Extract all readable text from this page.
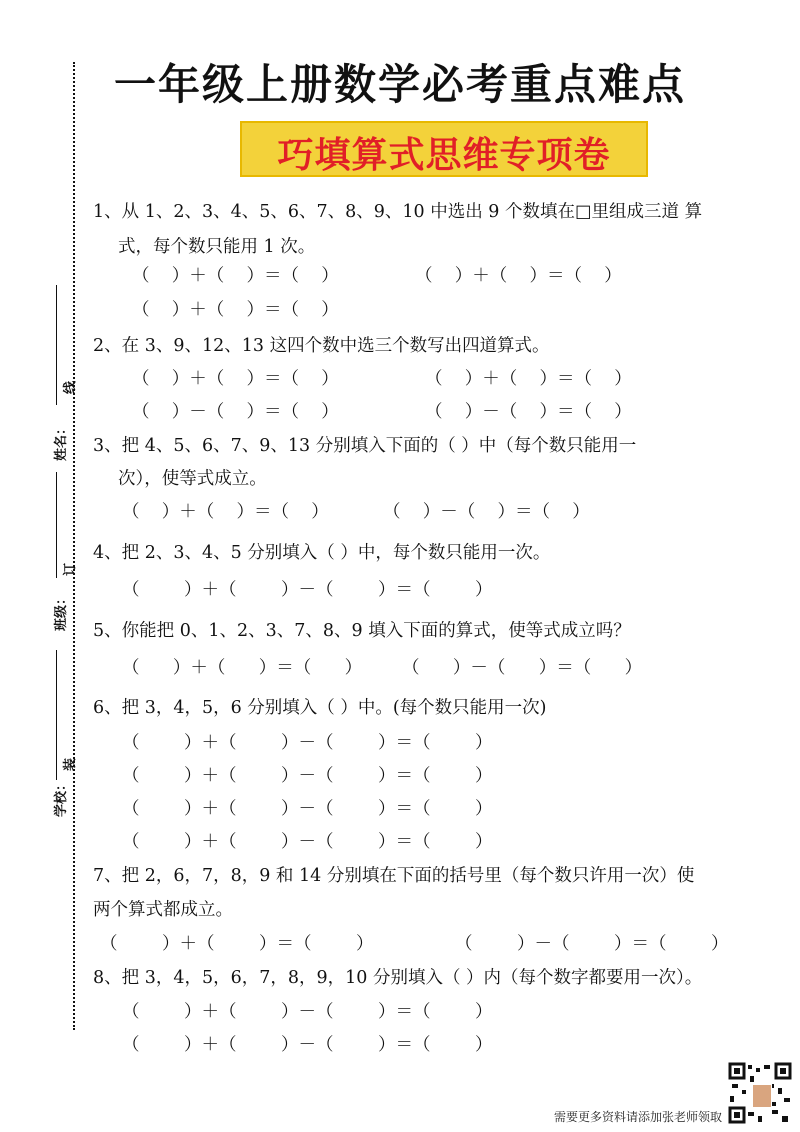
一年级上册数学必考重点难点
巧填算式思维专项卷
姓名：
班级：
学校：
线
订
装
1、从 1、2、3、4、5、6、7、8、9、10 中选出 9 个数填在□里组成三道 算
式，每个数只能用 1 次。
（    ）＋（    ）＝（    ）	（    ）＋（    ）＝（    ）
（    ）＋（    ）＝（    ）
2、在 3、9、12、13 这四个数中选三个数写出四道算式。
（    ）＋（    ）＝（    ）	（    ）＋（    ）＝（    ）
（    ）－（    ）＝（    ）	（    ）－（    ）＝（    ）
3、把 4、5、6、7、9、13 分别填入下面的（ ）中（每个数只能用一
次），使等式成立。
（    ）＋（    ）＝（    ）	（    ）－（    ）＝（    ）
4、把 2、3、4、5 分别填入（ ）中，每个数只能用一次。
（        ）＋（        ）－（        ）＝（        ）
5、你能把 0、1、2、3、7、8、9 填入下面的算式，使等式成立吗？
（      ）＋（      ）＝（      ） （      ）－（      ）＝（      ）
6、把 3，4，5，6 分别填入（ ）中。(每个数只能用一次)
（        ）＋（        ）－（        ）＝（        ）
（        ）＋（        ）－（        ）＝（        ）
（        ）＋（        ）－（        ）＝（        ）
（        ）＋（        ）－（        ）＝（        ）
7、把 2，6，7，8，9 和 14 分别填在下面的括号里（每个数只许用一次）使
两个算式都成立。
（        ）＋（        ）＝（        ）	（        ）－（        ）＝（        ）
8、把 3，4，5，6，7，8，9，10 分别填入（ ）内（每个数字都要用一次）。
（        ）＋（        ）－（        ）＝（        ）
（        ）＋（        ）－（        ）＝（        ）
需要更多资料请添加张老师领取
